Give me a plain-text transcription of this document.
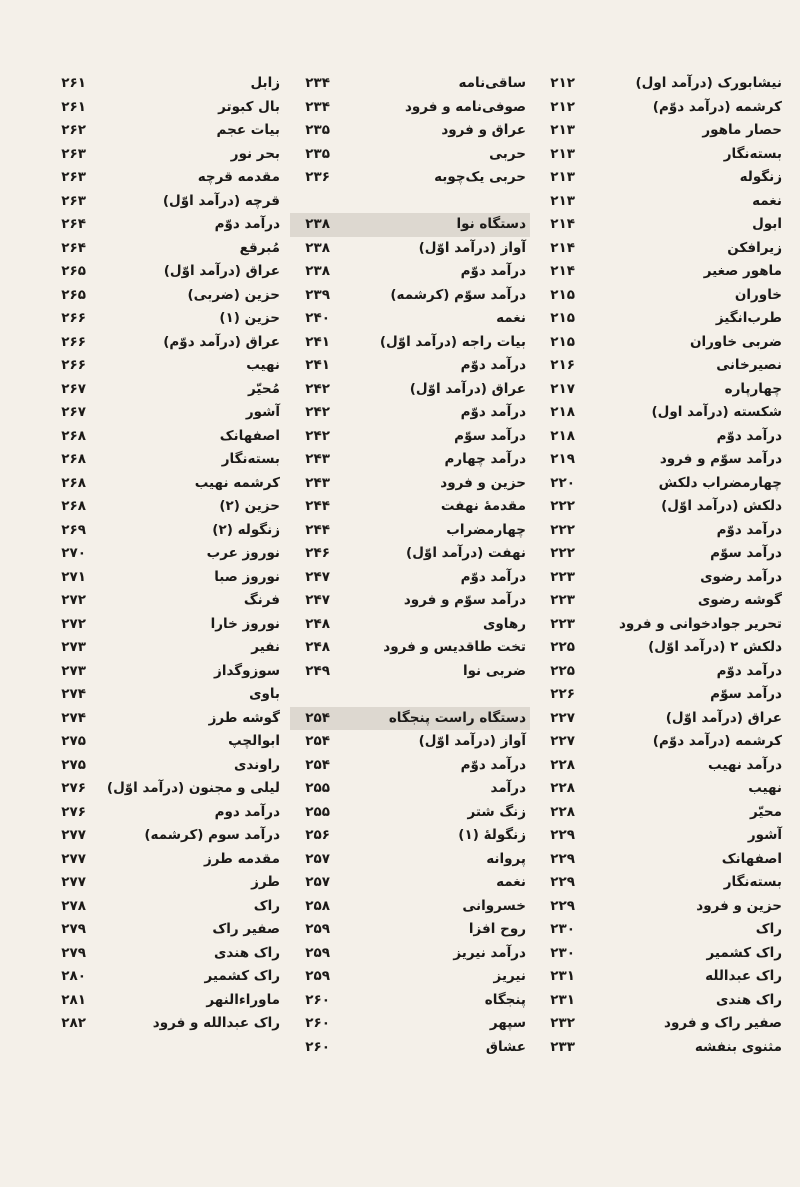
نیشابورک (درآمد اول)
۲۱۲
کرشمه (درآمد دوّم)
۲۱۲
حصار ماهور
۲۱۳
بسته‌نگار
۲۱۳
زنگوله
۲۱۳
نغمه
۲۱۳
ابول
۲۱۴
زیرافکن
۲۱۴
ماهور صغیر
۲۱۴
خاوران
۲۱۵
طرب‌انگیز
۲۱۵
ضربی خاوران
۲۱۵
نصیرخانی
۲۱۶
چهارپاره
۲۱۷
شکسته (درآمد اول)
۲۱۸
درآمد دوّم
۲۱۸
درآمد سوّم و فرود
۲۱۹
چهارمضراب دلکش
۲۲۰
دلکش (درآمد اوّل)
۲۲۲
درآمد دوّم
۲۲۲
درآمد سوّم
۲۲۲
درآمد رضوی
۲۲۳
گوشه رضوی
۲۲۳
تحریر جوادخوانی و فرود
۲۲۳
دلکش ۲ (درآمد اوّل)
۲۲۵
درآمد دوّم
۲۲۵
درآمد سوّم
۲۲۶
عراق (درآمد اوّل)
۲۲۷
کرشمه (درآمد دوّم)
۲۲۷
درآمد نهیب
۲۲۸
نهیب
۲۲۸
محیّر
۲۲۸
آشور
۲۲۹
اصفهانک
۲۲۹
بسته‌نگار
۲۲۹
حزین و فرود
۲۲۹
راک
۲۳۰
راک کشمیر
۲۳۰
راک عبدالله
۲۳۱
راک هندی
۲۳۱
صفیر راک و فرود
۲۳۲
مثنوی بنفشه
۲۳۳
ساقی‌نامه
۲۳۴
صوفی‌نامه و فرود
۲۳۴
عراق و فرود
۲۳۵
حربی
۲۳۵
حربی یک‌چوبه
۲۳۶
دستگاه نوا
۲۳۸
آواز (درآمد اوّل)
۲۳۸
درآمد دوّم
۲۳۸
درآمد سوّم (کرشمه)
۲۳۹
نغمه
۲۴۰
بیات راجه (درآمد اوّل)
۲۴۱
درآمد دوّم
۲۴۱
عراق (درآمد اوّل)
۲۴۲
درآمد دوّم
۲۴۲
درآمد سوّم
۲۴۲
درآمد چهارم
۲۴۳
حزین و فرود
۲۴۳
مقدمهٔ نهفت
۲۴۴
چهارمضراب
۲۴۴
نهفت (درآمد اوّل)
۲۴۶
درآمد دوّم
۲۴۷
درآمد سوّم و فرود
۲۴۷
رهاوی
۲۴۸
تخت طاقدیس و فرود
۲۴۸
ضربی نوا
۲۴۹
دستگاه راست پنجگاه
۲۵۴
آواز (درآمد اوّل)
۲۵۴
درآمد دوّم
۲۵۴
درآمد
۲۵۵
زنگ شتر
۲۵۵
زنگولهٔ (۱)
۲۵۶
پروانه
۲۵۷
نغمه
۲۵۷
خسروانی
۲۵۸
روح افزا
۲۵۹
درآمد نیریز
۲۵۹
نیریز
۲۵۹
پنجگاه
۲۶۰
سپهر
۲۶۰
عشاق
۲۶۰
زابل
۲۶۱
بال کبوتر
۲۶۱
بیات عجم
۲۶۲
بحر نور
۲۶۳
مقدمه قرچه
۲۶۳
قرچه (درآمد اوّل)
۲۶۳
درآمد دوّم
۲۶۴
مُبرقع
۲۶۴
عراق (درآمد اوّل)
۲۶۵
حزین (ضربی)
۲۶۵
حزین (۱)
۲۶۶
عراق (درآمد دوّم)
۲۶۶
نهیب
۲۶۶
مُحیّر
۲۶۷
آشور
۲۶۷
اصفهانک
۲۶۸
بسته‌نگار
۲۶۸
کرشمه نهیب
۲۶۸
حزین (۲)
۲۶۸
زنگوله (۲)
۲۶۹
نوروز عرب
۲۷۰
نوروز صبا
۲۷۱
فرنگ
۲۷۲
نوروز خارا
۲۷۲
نفیر
۲۷۳
سوزوگداز
۲۷۳
باوی
۲۷۴
گوشه طرز
۲۷۴
ابوالچپ
۲۷۵
راوندی
۲۷۵
لیلی و مجنون (درآمد اوّل)
۲۷۶
درآمد دوم
۲۷۶
درآمد سوم (کرشمه)
۲۷۷
مقدمه طرز
۲۷۷
طرز
۲۷۷
راک
۲۷۸
صفیر راک
۲۷۹
راک هندی
۲۷۹
راک کشمیر
۲۸۰
ماوراءالنهر
۲۸۱
راک عبدالله و فرود
۲۸۲
